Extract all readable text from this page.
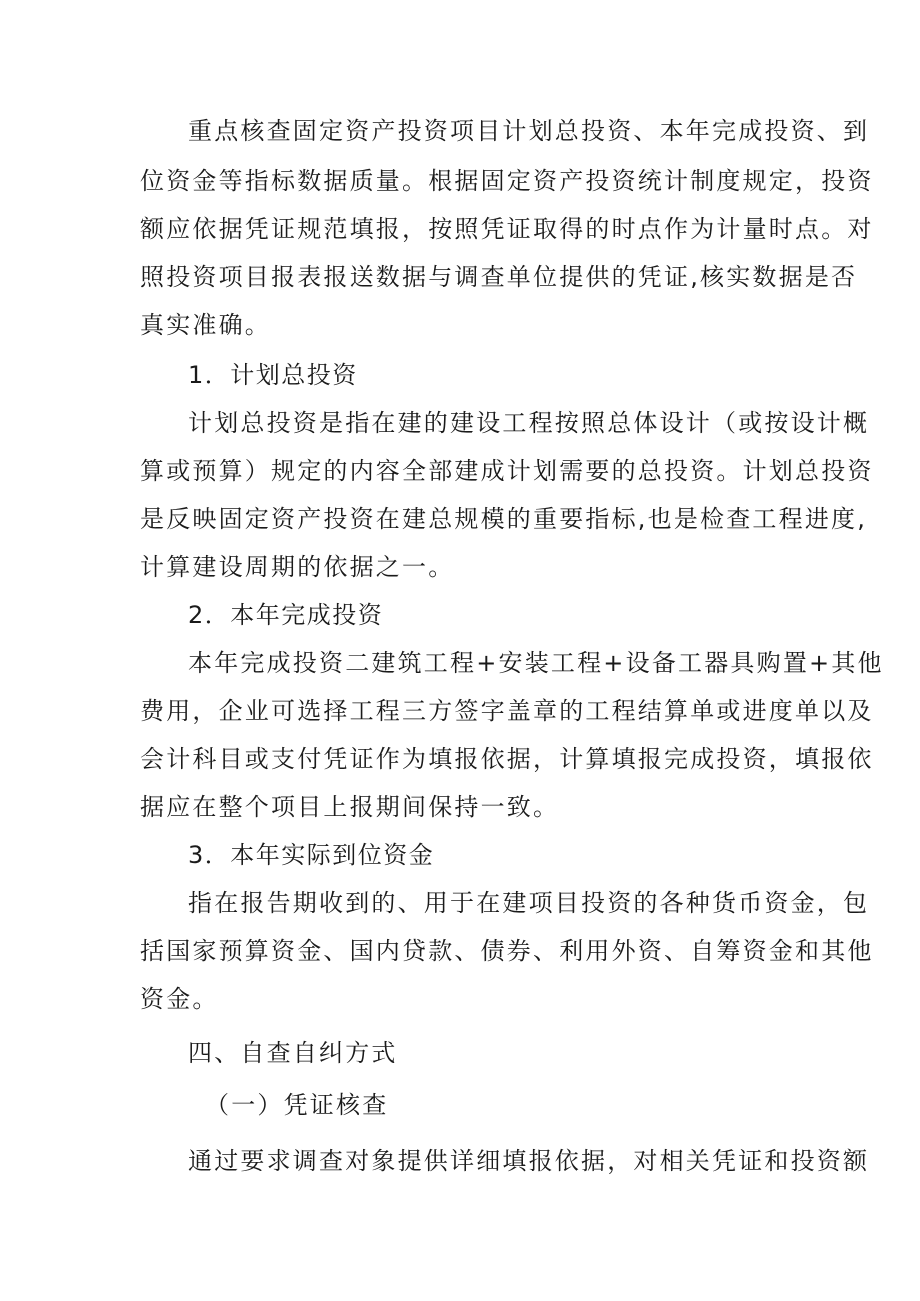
重点核查固定资产投资项目计划总投资、本年完成投资、到
位资金等指标数据质量。根据固定资产投资统计制度规定，投资
额应依据凭证规范填报，按照凭证取得的时点作为计量时点。对
照投资项目报表报送数据与调查单位提供的凭证,核实数据是否
真实准确。
1．计划总投资
计划总投资是指在建的建设工程按照总体设计（或按设计概
算或预算）规定的内容全部建成计划需要的总投资。计划总投资
是反映固定资产投资在建总规模的重要指标,也是检查工程进度,
计算建设周期的依据之一。
2．本年完成投资
本年完成投资二建筑工程+安装工程+设备工器具购置+其他
费用，企业可选择工程三方签字盖章的工程结算单或进度单以及
会计科目或支付凭证作为填报依据，计算填报完成投资，填报依
据应在整个项目上报期间保持一致。
3．本年实际到位资金
指在报告期收到的、用于在建项目投资的各种货币资金，包
括国家预算资金、国内贷款、债券、利用外资、自筹资金和其他
资金。
四、自查自纠方式
（一）凭证核查
通过要求调查对象提供详细填报依据，对相关凭证和投资额
